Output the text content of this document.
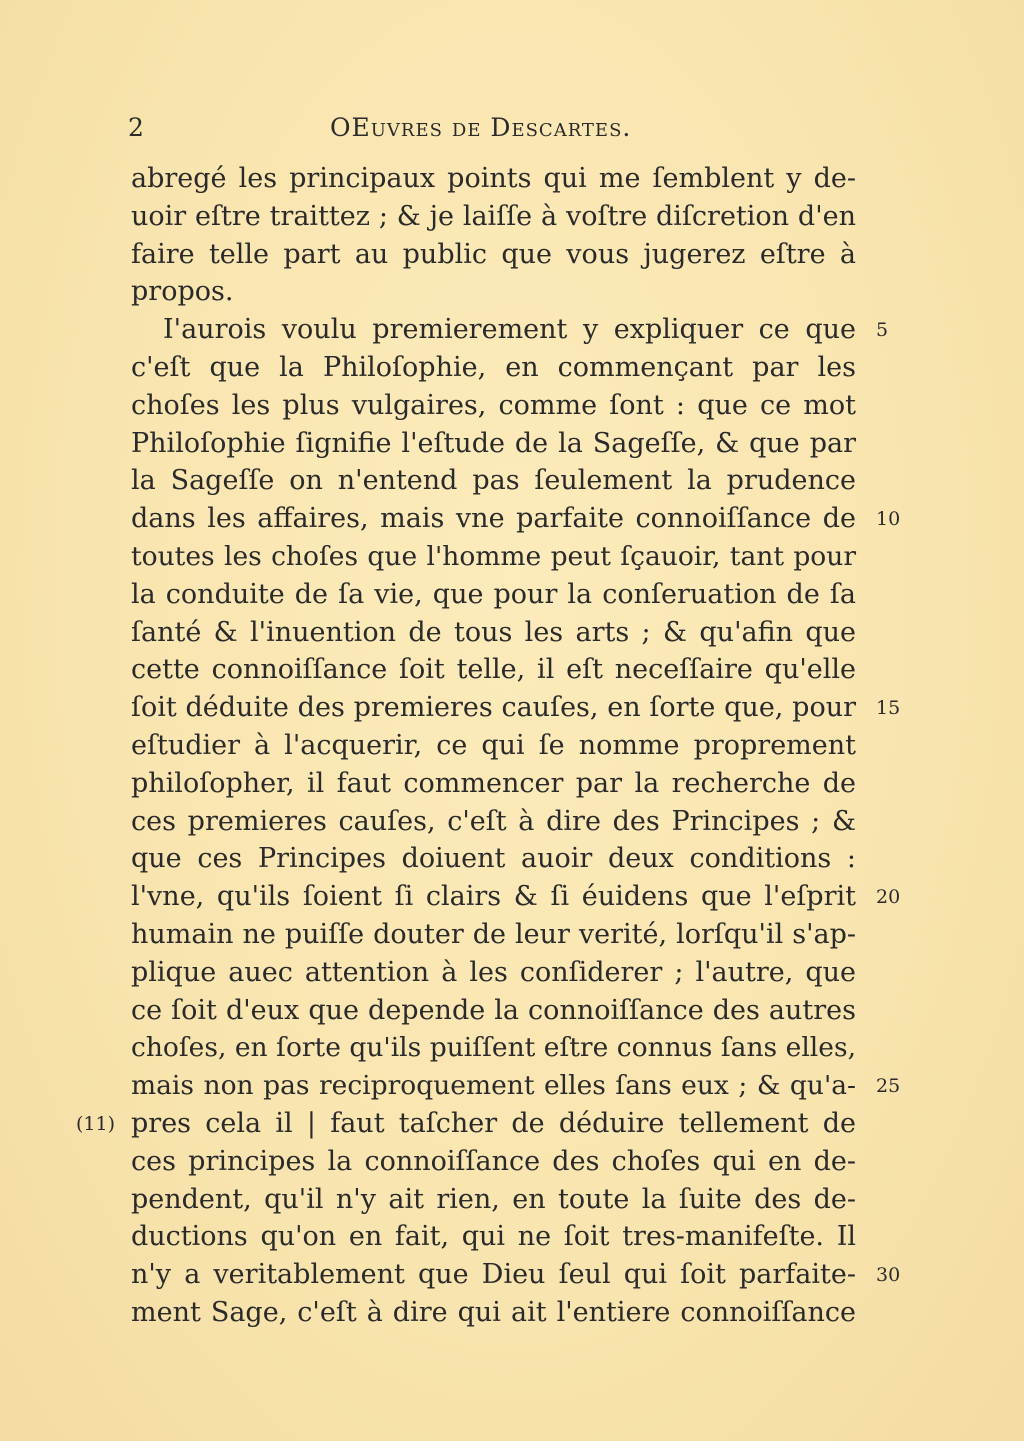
2	OEuvres de Descartes.
abregé les principaux points qui me ſemblent y de-
uoir eſtre traittez ; & je laiſſe à voſtre diſcretion d'en
faire telle part au public que vous jugerez eſtre à
propos.
I'aurois voulu premierement y expliquer ce que 5
c'eſt que la Philoſophie, en commençant par les
choſes les plus vulgaires, comme ſont : que ce mot
Philoſophie ſignifie l'eſtude de la Sageſſe, & que par
la Sageſſe on n'entend pas ſeulement la prudence
dans les affaires, mais vne parfaite connoiſſance de 10
toutes les choſes que l'homme peut ſçauoir, tant pour
la conduite de ſa vie, que pour la conſeruation de ſa
ſanté & l'inuention de tous les arts ; & qu'afin que
cette connoiſſance ſoit telle, il eſt neceſſaire qu'elle
ſoit déduite des premieres cauſes, en ſorte que, pour 15
eſtudier à l'acquerir, ce qui ſe nomme proprement
philoſopher, il faut commencer par la recherche de
ces premieres cauſes, c'eſt à dire des Principes ; &
que ces Principes doiuent auoir deux conditions :
l'vne, qu'ils ſoient ſi clairs & ſi éuidens que l'eſprit 20
humain ne puiſſe douter de leur verité, lorſqu'il s'ap-
plique auec attention à les conſiderer ; l'autre, que
ce ſoit d'eux que depende la connoiſſance des autres
choſes, en ſorte qu'ils puiſſent eſtre connus ſans elles,
mais non pas reciproquement elles ſans eux ; & qu'a- 25
pres cela il | faut taſcher de déduire tellement de
(11)
ces principes la connoiſſance des choſes qui en de-
pendent, qu'il n'y ait rien, en toute la ſuite des de-
ductions qu'on en fait, qui ne ſoit tres-manifeſte. Il
n'y a veritablement que Dieu ſeul qui ſoit parfaite- 30
ment Sage, c'eſt à dire qui ait l'entiere connoiſſance
